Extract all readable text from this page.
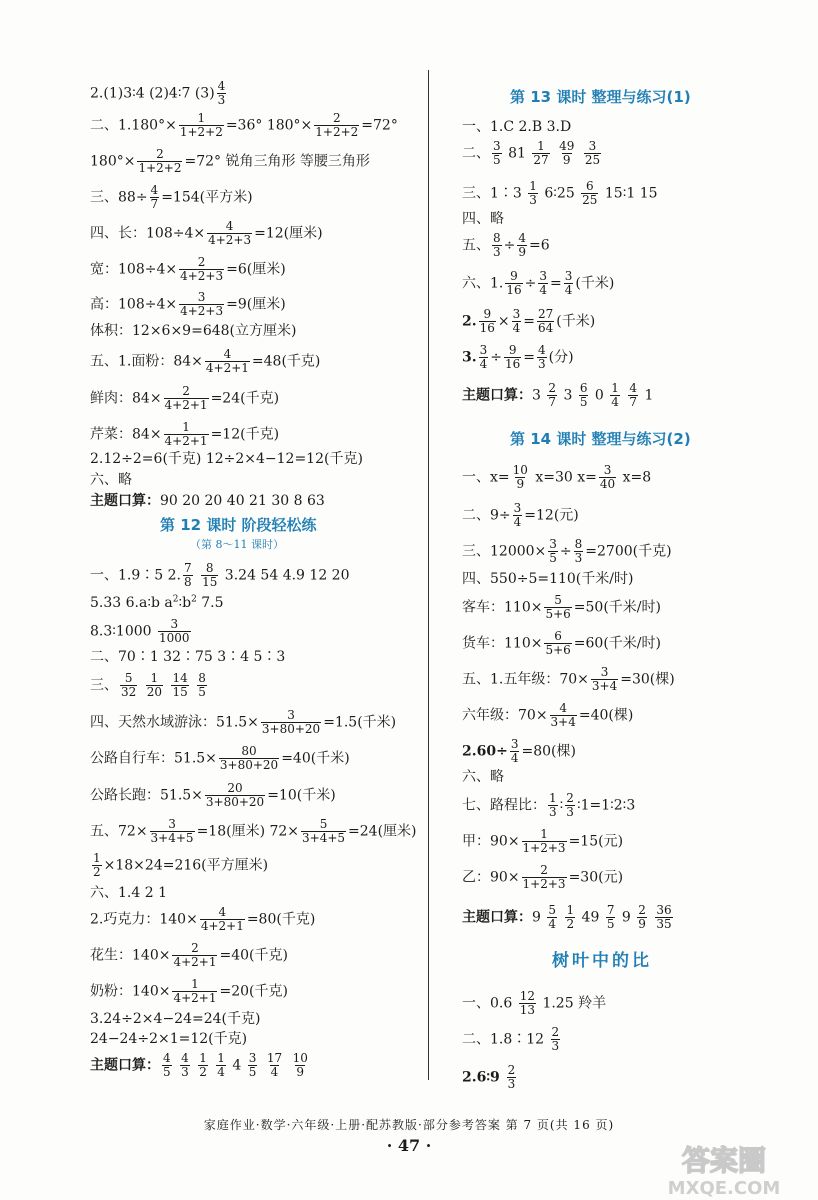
2.(1)3∶4 (2)4∶7 $(3) \frac{4}{3}$
二、$1.180^\circ\times \frac{1}{1+2+2} =36^\circ$ $180^\circ\times \frac{2}{1+2+2} =72^\circ$
$180^\circ\times \frac{2}{1+2+2} =72^\circ$ 锐角三角形 等腰三角形
三、$88\div \frac{4}{7} =154$(平方米)
四、长：$108\div 4\times \frac{4}{4+2+3} =12$(厘米)
宽：$108\div 4\times \frac{2}{4+2+3} =6$(厘米)
高：$108\div 4\times \frac{3}{4+2+3} =9$(厘米)
体积：12×6×9=648(立方厘米)
五、1.面粉：$84\times \frac{4}{4+2+1} =48$(千克)
鲜肉：$84\times \frac{2}{4+2+1} =24$(千克)
芹菜：$84\times \frac{1}{4+2+1} =12$(千克)
2.12÷2=6(千克) 12÷2×4−12=12(千克)
六、略
主题口算：90 20 20 40 21 30 8 63
第 12 课时 阶段轻松练
（第 8～11 课时）
一、1.9∶5 2. $\frac{7}{8}$
$\frac{8}{15} 3.24$ 54 4.9 12 20
5.33 6.a∶b $a^2∶b^2$ 7.5
8.3∶1000 $\frac{3}{1000}$
二、70∶1 32∶75 3∶4 5∶3
三、 $\frac{5}{32}$
$\frac{1}{20}$
$\frac{14}{15}$
$\frac{8}{5}$
四、天然水域游泳：$51.5\times \frac{3}{3+80+20} =1.5$(千米)
公路自行车：$51.5\times \frac{80}{3+80+20} =40$(千米)
公路长跑：$51.5\times \frac{20}{3+80+20} =10$(千米)
五、$72\times \frac{3}{3+4+5} =18$(厘米) $72\times \frac{5}{3+4+5} =24$(厘米)
$\frac{1}{2} \times 18\times 24=216$(平方厘米)
六、1.4 2 1
2.巧克力：$140\times \frac{4}{4+2+1} =80$(千克)
花生：$140\times \frac{2}{4+2+1} =40$(千克)
奶粉：$140\times \frac{1}{4+2+1} =20$(千克)
3.24÷2×4−24=24(千克)
24−24÷2×1=12(千克)
主题口算： $\frac{4}{5}$
$\frac{4}{3}$
$\frac{1}{2}$
$\frac{1}{4} 4 \frac{3}{5}$
$\frac{17}{4}$
$\frac{10}{9}$
第 13 课时 整理与练习(1)
一、1.C 2.B 3.D
二、 $\frac{3}{5} 81 \frac{1}{27}$
$\frac{49}{9}$
$\frac{3}{25}$
三、1∶3 $\frac{1}{3}$ 6∶25 $\frac{6}{25}$ 15∶1 15
四、略
五、 $\frac{8}{3} \div \frac{4}{9} =6$
六、1. $\frac{9}{16} \div \frac{3}{4} = \frac{3}{4}$ (千米)
2. $\frac{9}{16} \times \frac{3}{4} = \frac{27}{64}$ (千米)
3. $\frac{3}{4} \div \frac{9}{16} = \frac{4}{3}$ (分)
主题口算：$3 \frac{2}{7} 3 \frac{6}{5} 0 \frac{1}{4}$
$\frac{4}{7} 1$
第 14 课时 整理与练习(2)
一、$x= \frac{10}{9} x=30$ $x= \frac{3}{40} x=8$
二、$9\div \frac{3}{4} =12$(元)
三、$12000\times \frac{3}{5} \div \frac{8}{3} =2700$(千克)
四、550÷5=110(千米/时)
客车：$110\times \frac{5}{5+6} =50$(千米/时)
货车：$110\times \frac{6}{5+6} =60$(千米/时)
五、1.五年级：$70\times \frac{3}{3+4} =30$(棵)
六年级：$70\times \frac{4}{3+4} =40$(棵)
$2.60\div \frac{3}{4} =80$(棵)
六、略
七、路程比： $\frac{1}{3}$ ∶ $\frac{2}{3}$ ∶1=1∶2∶3
甲：$90\times \frac{1}{1+2+3} =15$(元)
乙：$90\times \frac{2}{1+2+3} =30$(元)
主题口算：$9 \frac{5}{4}$
$\frac{1}{2} 49 \frac{7}{5} 9 \frac{2}{9}$
$\frac{36}{35}$
树叶中的比
一、$0.6 \frac{12}{13} 1.25$ 羚羊
二、1.8∶12 $\frac{2}{3}$
2.6∶9 $\frac{2}{3}$
家庭作业·数学·六年级·上册·配苏教版·部分参考答案 第 7 页(共 16 页)
· 47 ·	答案圈
MXQE.COM
